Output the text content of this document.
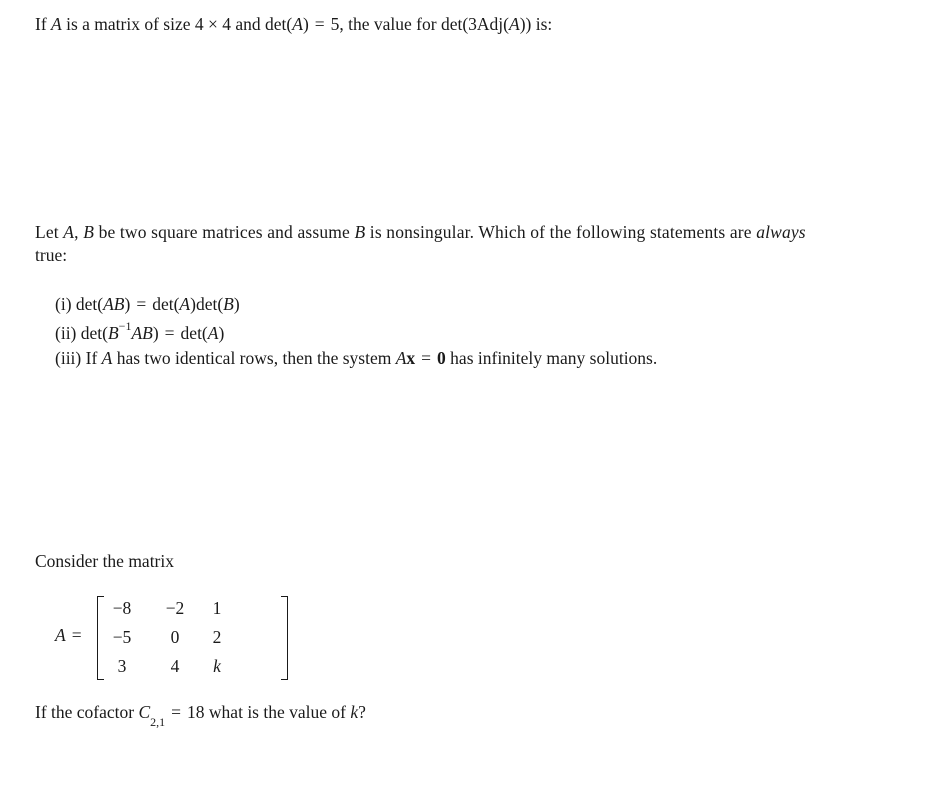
If A is a matrix of size 4 × 4 and det(A) = 5, the value for det(3Adj(A)) is:
Let A, B be two square matrices and assume B is nonsingular. Which of the following statements are always
true:
(i) det(AB) = det(A)det(B)
(ii) $\det(B^{-1}AB) = \det(A)$
(iii) If A has two identical rows, then the system Ax = 0 has infinitely many solutions.
Consider the matrix
A =
−8	−2	1
−5	0	2
3	4	k
If the cofactor $C_{2,1} = 18$ what is the value of k?
